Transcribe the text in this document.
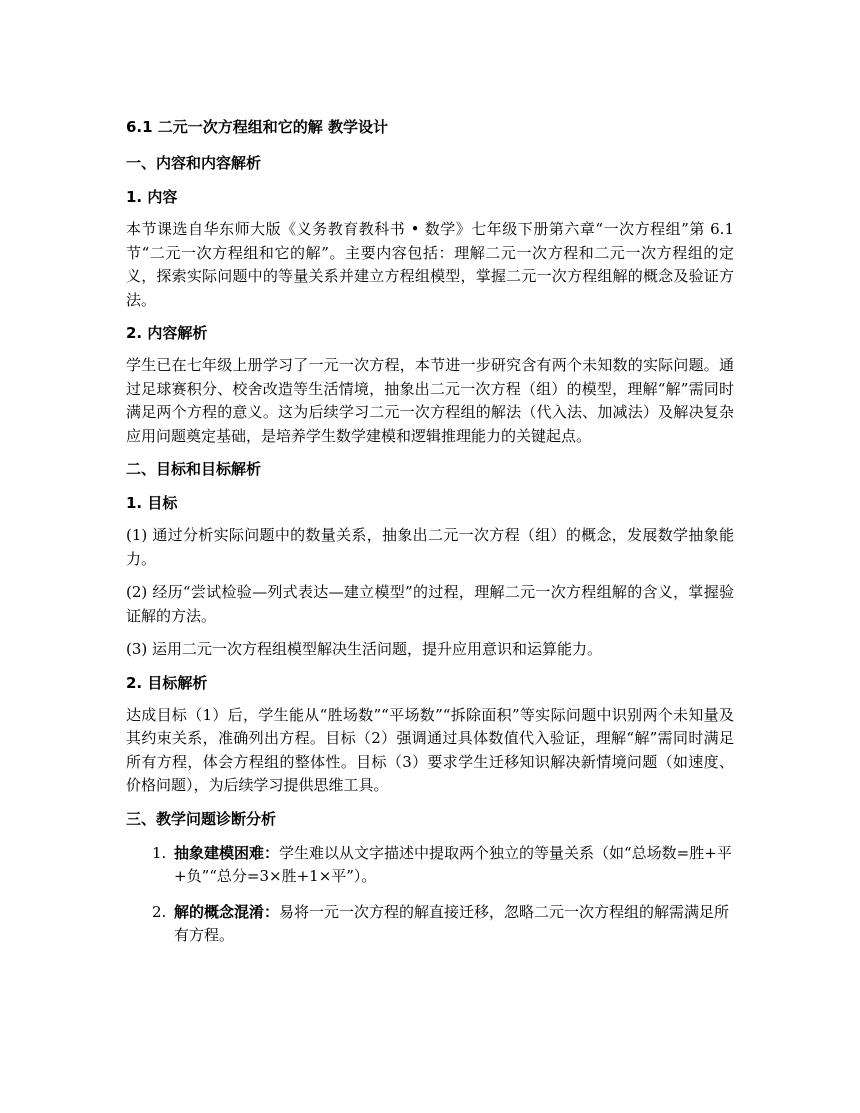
6.1 二元一次方程组和它的解 教学设计
一、内容和内容解析
1. 内容

本节课选自华东师大版《义务教育教科书 • 数学》七年级下册第六章“一次方程组”第 6.1 节“二元一次方程组和它的解”。主要内容包括：理解二元一次方程和二元一次方程组的定义，探索实际问题中的等量关系并建立方程组模型，掌握二元一次方程组解的概念及验证方法。

2. 内容解析

学生已在七年级上册学习了一元一次方程，本节进一步研究含有两个未知数的实际问题。通过足球赛积分、校舍改造等生活情境，抽象出二元一次方程（组）的模型，理解“解”需同时满足两个方程的意义。这为后续学习二元一次方程组的解法（代入法、加减法）及解决复杂应用问题奠定基础，是培养学生数学建模和逻辑推理能力的关键起点。

二、目标和目标解析
1. 目标

(1) 通过分析实际问题中的数量关系，抽象出二元一次方程（组）的概念，发展数学抽象能力。

(2) 经历“尝试检验—列式表达—建立模型”的过程，理解二元一次方程组解的含义，掌握验证解的方法。

(3) 运用二元一次方程组模型解决生活问题，提升应用意识和运算能力。

2. 目标解析

达成目标（1）后，学生能从“胜场数”“平场数”“拆除面积”等实际问题中识别两个未知量及其约束关系，准确列出方程。目标（2）强调通过具体数值代入验证，理解“解”需同时满足所有方程，体会方程组的整体性。目标（3）要求学生迁移知识解决新情境问题（如速度、价格问题），为后续学习提供思维工具。

三、教学问题诊断分析
1. 抽象建模困难：学生难以从文字描述中提取两个独立的等量关系（如“总场数=胜+平+负”“总分=3×胜+1×平”）。
2. 解的概念混淆：易将一元一次方程的解直接迁移，忽略二元一次方程组的解需满足所有方程。
